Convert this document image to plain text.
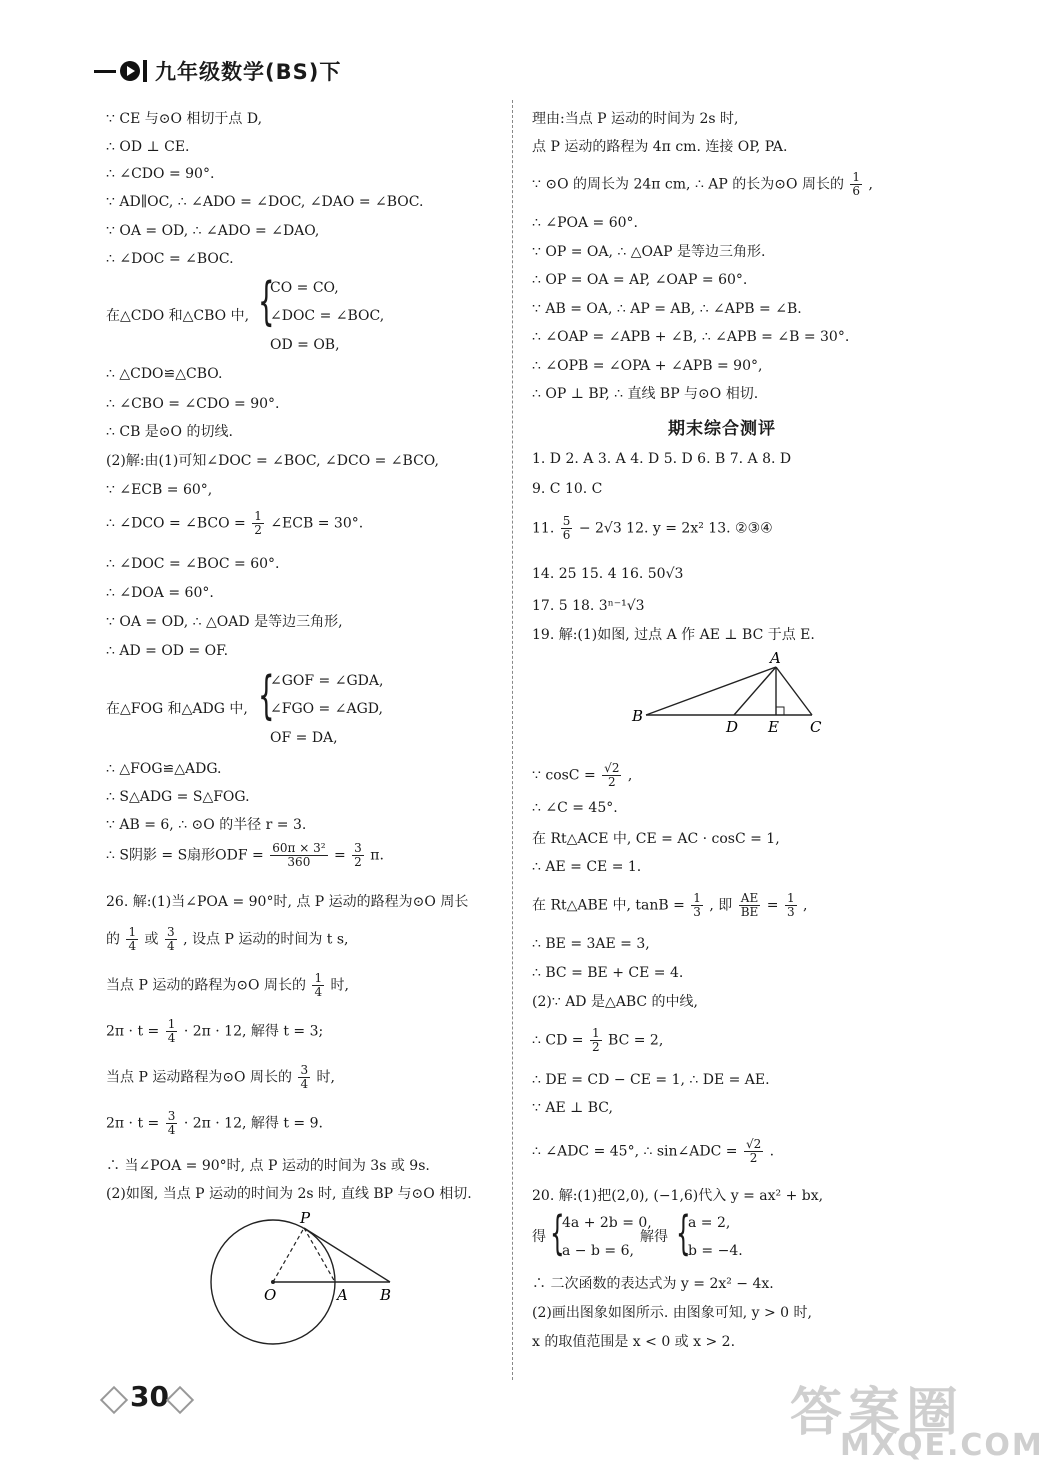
九年级数学(BS)下
{
CO = CO,
∠DOC = ∠BOC,
OD = OB,
{
∠GOF = ∠GDA,
∠FGO = ∠AGD,
OF = DA,
∴ ∠DCO = ∠BCO = $\frac{1}{2}$ ∠ECB = 30°.
∴ S阴影 = S扇形ODF = $\frac{\text{60π × 3²}}{360} = \frac{3}{2} \pi$.
26. 解:(1)当∠POA = 90°时, 点 P 运动的路程为⊙O 周长
的 $\frac{1}{4}$ 或 $\frac{3}{4}$ , 设点 P 运动的时间为 t s,
当点 P 运动的路程为⊙O 周长的 $\frac{1}{4}$ 时,
$2\pi \cdot t = \frac{1}{4} \cdot 2\pi \cdot 12$, 解得 t = 3;
当点 P 运动路程为⊙O 周长的 $\frac{3}{4}$ 时,
$2\pi \cdot t = \frac{3}{4} \cdot 2\pi \cdot 12$, 解得 t = 9.
P
O	A B
∵ ⊙O 的周长为 24π cm, ∴ AP 的长为⊙O 周长的 $\frac{1}{6}$ ,
期末综合测评
11. $\frac{5}{6} - 2√3$ 12. y = 2x² 13. ②③④
A
B
C
D E
∵ $\cos C = \frac{√2}{2}$ ,
在 Rt△ABE 中, $\tan B = \frac{1}{3}$ , 即 $\frac{AE}{BE} = \frac{1}{3}$ ,
∴ CD = $\frac{1}{2}$ BC = 2,
∴ ∠ADC = 45°, ∴ sin∠ADC = $\frac{√2}{2}$ .
得 {
4a + 2b = 0,
a − b = 6,
解得 {
a = 2,
b = −4.
30	答案圈
MXQE.COM
∵ CE 与⊙O 相切于点 D,
∴ OD ⊥ CE.
∴ ∠CDO = 90°.
∵ AD∥OC, ∴ ∠ADO = ∠DOC, ∠DAO = ∠BOC.
∵ OA = OD, ∴ ∠ADO = ∠DAO,
∴ ∠DOC = ∠BOC.
在△CDO 和△CBO 中,
∴ △CDO≌△CBO.
∴ ∠CBO = ∠CDO = 90°.
∴ CB 是⊙O 的切线.
(2)解:由(1)可知∠DOC = ∠BOC, ∠DCO = ∠BCO,
∵ ∠ECB = 60°,
∴ ∠DOC = ∠BOC = 60°.
∴ ∠DOA = 60°.
∵ OA = OD, ∴ △OAD 是等边三角形,
∴ AD = OD = OF.
在△FOG 和△ADG 中,
∴ △FOG≌△ADG.
∴ S△ADG = S△FOG.
∵ AB = 6, ∴ ⊙O 的半径 r = 3.
∴ 当∠POA = 90°时, 点 P 运动的时间为 3s 或 9s.
(2)如图, 当点 P 运动的时间为 2s 时, 直线 BP 与⊙O 相切.
理由:当点 P 运动的时间为 2s 时,
点 P 运动的路程为 4π cm. 连接 OP, PA.
∴ ∠POA = 60°.
∵ OP = OA, ∴ △OAP 是等边三角形.
∴ OP = OA = AP, ∠OAP = 60°.
∵ AB = OA, ∴ AP = AB, ∴ ∠APB = ∠B.
∴ ∠OAP = ∠APB + ∠B, ∴ ∠APB = ∠B = 30°.
∴ ∠OPB = ∠OPA + ∠APB = 90°,
∴ OP ⊥ BP, ∴ 直线 BP 与⊙O 相切.
在 Rt△ACE 中, CE = AC · cosC = 1,
∴ AE = CE = 1.
∴ BE = 3AE = 3,
∴ BC = BE + CE = 4.
(2)∵ AD 是△ABC 的中线,
∴ DE = CD − CE = 1, ∴ DE = AE.
∵ AE ⊥ BC,
20. 解:(1)把(2,0), (−1,6)代入 y = ax² + bx,
∴ 二次函数的表达式为 y = 2x² − 4x.
(2)画出图象如图所示. 由图象可知, y > 0 时,
x 的取值范围是 x < 0 或 x > 2.
1. D 2. A 3. A 4. D 5. D 6. B 7. A 8. D
9. C 10. C
14. 25 15. 4 16. 50√3
17. 5 18. 3ⁿ⁻¹√3
19. 解:(1)如图, 过点 A 作 AE ⊥ BC 于点 E.
∴ ∠C = 45°.
